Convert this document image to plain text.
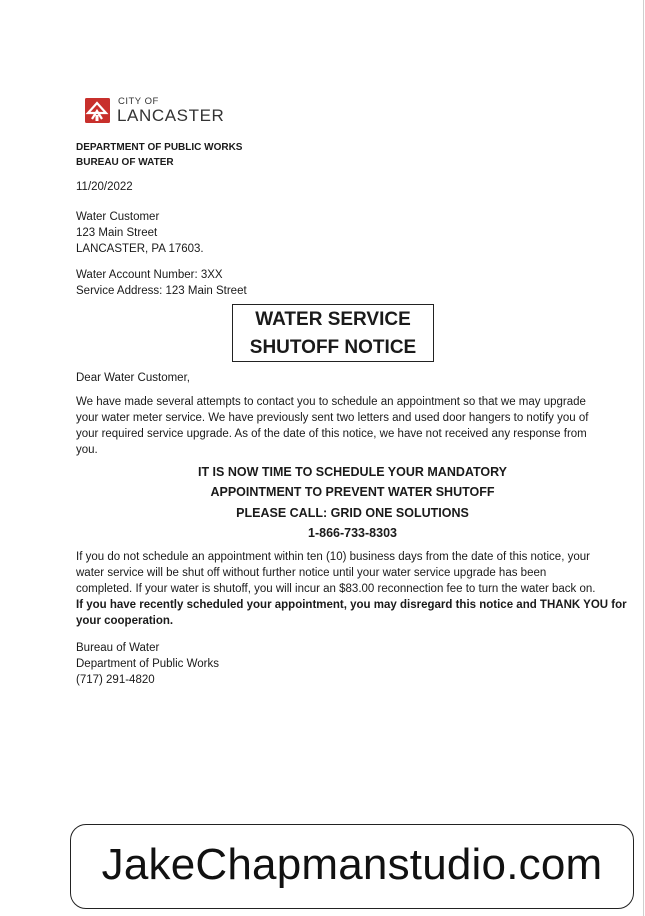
CITY OF
LANCASTER
DEPARTMENT OF PUBLIC WORKS
BUREAU OF WATER
11/20/2022
Water Customer
123 Main Street
LANCASTER, PA 17603.
Water Account Number: 3XX
Service Address: 123 Main Street
WATER SERVICE
SHUTOFF NOTICE
Dear Water Customer,
We have made several attempts to contact you to schedule an appointment so that we may upgrade
your water meter service. We have previously sent two letters and used door hangers to notify you of
your required service upgrade. As of the date of this notice, we have not received any response from
you.
IT IS NOW TIME TO SCHEDULE YOUR MANDATORY
APPOINTMENT TO PREVENT WATER SHUTOFF
PLEASE CALL: GRID ONE SOLUTIONS
1-866-733-8303
If you do not schedule an appointment within ten (10) business days from the date of this notice, your
water service will be shut off without further notice until your water service upgrade has been
completed. If your water is shutoff, you will incur an $83.00 reconnection fee to turn the water back on.
If you have recently scheduled your appointment, you may disregard this notice and THANK YOU for
your cooperation.
Bureau of Water
Department of Public Works
(717) 291-4820
JakeChapmanstudio.com
